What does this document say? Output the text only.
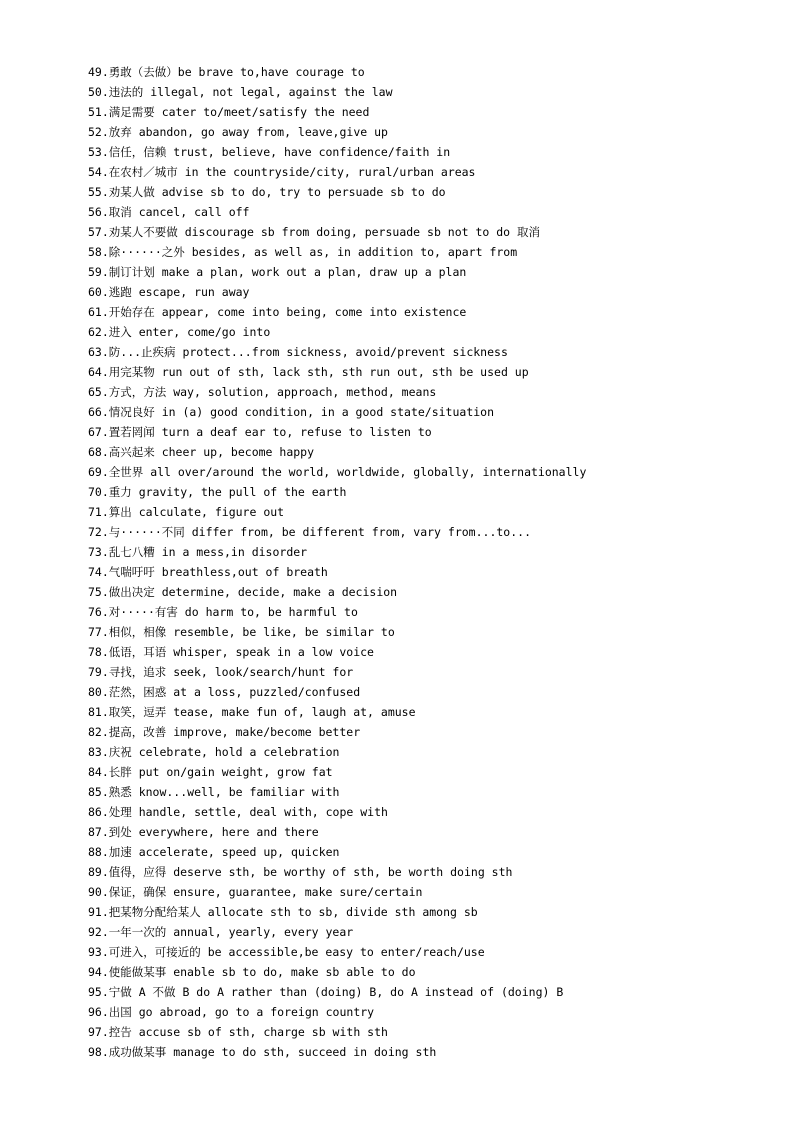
49.勇敢（去做）be brave to,have courage to
50.违法的 illegal, not legal, against the law
51.满足需要 cater to/meet/satisfy the need
52.放弃 abandon, go away from, leave,give up
53.信任，信赖 trust, believe, have confidence/faith in
54.在农村／城市 in the countryside/city, rural/urban areas
55.劝某人做 advise sb to do, try to persuade sb to do
56.取消 cancel, call off
57.劝某人不要做 discourage sb from doing, persuade sb not to do 取消
58.除······之外 besides, as well as, in addition to, apart from
59.制订计划 make a plan, work out a plan, draw up a plan
60.逃跑 escape, run away
61.开始存在 appear, come into being, come into existence
62.进入 enter, come/go into
63.防...止疾病 protect...from sickness, avoid/prevent sickness
64.用完某物 run out of sth, lack sth, sth run out, sth be used up
65.方式，方法 way, solution, approach, method, means
66.情况良好 in (a) good condition, in a good state/situation
67.置若罔闻 turn a deaf ear to, refuse to listen to
68.高兴起来 cheer up, become happy
69.全世界 all over/around the world, worldwide, globally, internationally
70.重力 gravity, the pull of the earth
71.算出 calculate, figure out
72.与······不同 differ from, be different from, vary from...to...
73.乱七八糟 in a mess,in disorder
74.气喘吁吁 breathless,out of breath
75.做出决定 determine, decide, make a decision
76.对·····有害 do harm to, be harmful to
77.相似，相像 resemble, be like, be similar to
78.低语，耳语 whisper, speak in a low voice
79.寻找，追求 seek, look/search/hunt for
80.茫然，困惑 at a loss, puzzled/confused
81.取笑，逗弄 tease, make fun of, laugh at, amuse
82.提高，改善 improve, make/become better
83.庆祝 celebrate, hold a celebration
84.长胖 put on/gain weight, grow fat
85.熟悉 know...well, be familiar with
86.处理 handle, settle, deal with, cope with
87.到处 everywhere, here and there
88.加速 accelerate, speed up, quicken
89.值得，应得 deserve sth, be worthy of sth, be worth doing sth
90.保证，确保 ensure, guarantee, make sure/certain
91.把某物分配给某人 allocate sth to sb, divide sth among sb
92.一年一次的 annual, yearly, every year
93.可进入，可接近的 be accessible,be easy to enter/reach/use
94.使能做某事 enable sb to do, make sb able to do
95.宁做 A 不做 B do A rather than (doing) B, do A instead of (doing) B
96.出国 go abroad, go to a foreign country
97.控告 accuse sb of sth, charge sb with sth
98.成功做某事 manage to do sth, succeed in doing sth
